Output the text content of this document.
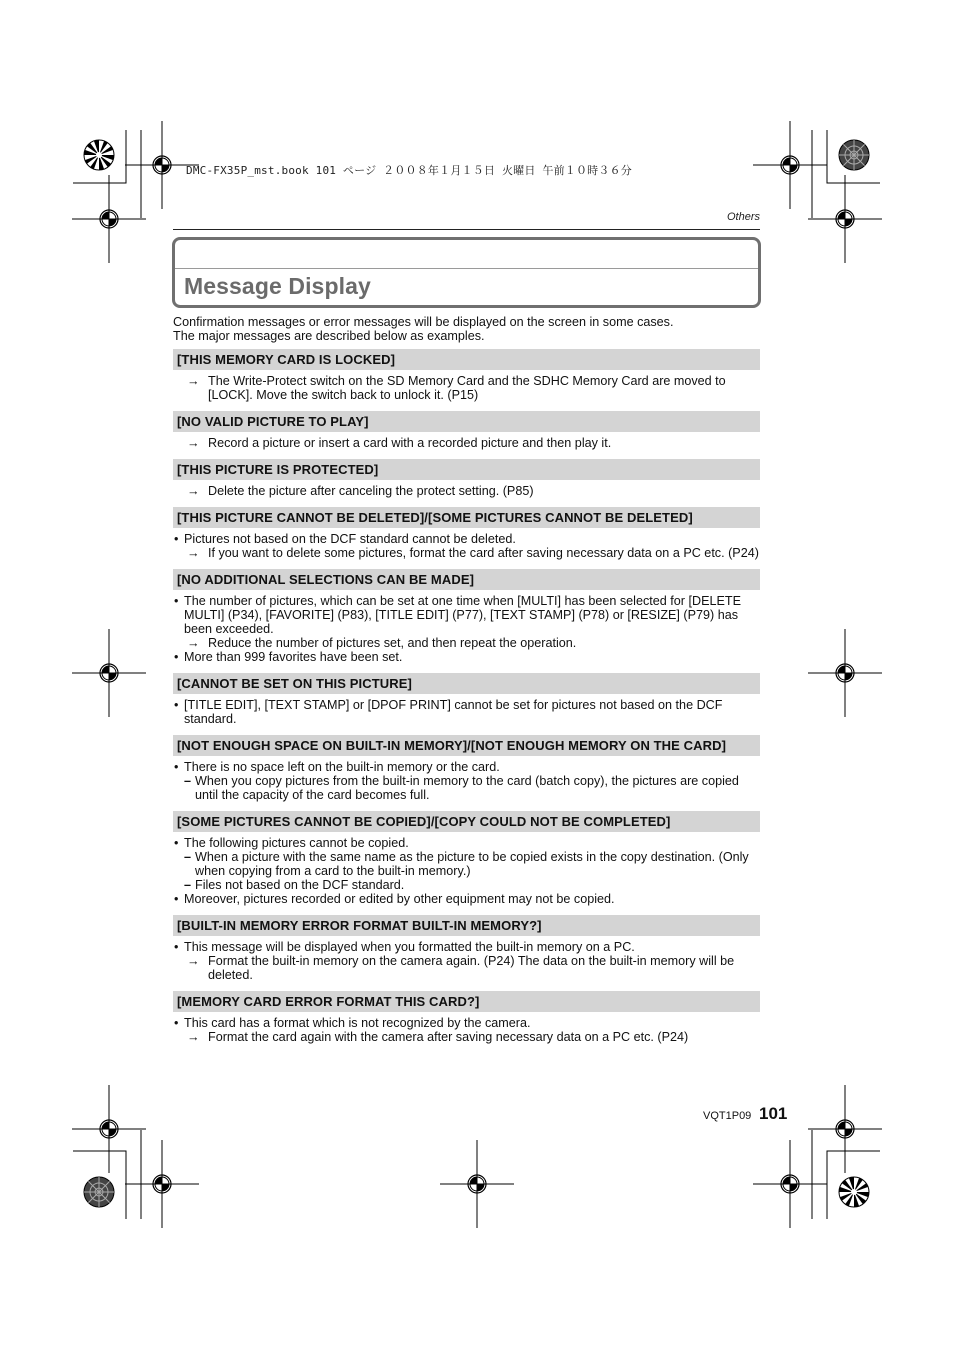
DMC-FX35P_mst.book 101 ページ ２００８年１月１５日 火曜日 午前１０時３６分
Others
Message Display

Confirmation messages or error messages will be displayed on the screen in some cases.

The major messages are described below as examples.

[THIS MEMORY CARD IS LOCKED]
→ The Write-Protect switch on the SD Memory Card and the SDHC Memory Card are moved to [LOCK]. Move the switch back to unlock it. (P15)
[NO VALID PICTURE TO PLAY]
→ Record a picture or insert a card with a recorded picture and then play it.
[THIS PICTURE IS PROTECTED]
→ Delete the picture after canceling the protect setting. (P85)
[THIS PICTURE CANNOT BE DELETED]/[SOME PICTURES CANNOT BE DELETED]
• Pictures not based on the DCF standard cannot be deleted.
→ If you want to delete some pictures, format the card after saving necessary data on a PC etc. (P24)
[NO ADDITIONAL SELECTIONS CAN BE MADE]
• The number of pictures, which can be set at one time when [MULTI] has been selected for [DELETE MULTI] (P34), [FAVORITE] (P83), [TITLE EDIT] (P77), [TEXT STAMP] (P78) or [RESIZE] (P79) has been exceeded.
→ Reduce the number of pictures set, and then repeat the operation.
• More than 999 favorites have been set.
[CANNOT BE SET ON THIS PICTURE]
• [TITLE EDIT], [TEXT STAMP] or [DPOF PRINT] cannot be set for pictures not based on the DCF standard.
[NOT ENOUGH SPACE ON BUILT-IN MEMORY]/[NOT ENOUGH MEMORY ON THE CARD]
• There is no space left on the built-in memory or the card.
– When you copy pictures from the built-in memory to the card (batch copy), the pictures are copied until the capacity of the card becomes full.
[SOME PICTURES CANNOT BE COPIED]/[COPY COULD NOT BE COMPLETED]
• The following pictures cannot be copied.
– When a picture with the same name as the picture to be copied exists in the copy destination. (Only when copying from a card to the built-in memory.)
– Files not based on the DCF standard.
• Moreover, pictures recorded or edited by other equipment may not be copied.
[BUILT-IN MEMORY ERROR FORMAT BUILT-IN MEMORY?]
• This message will be displayed when you formatted the built-in memory on a PC.
→ Format the built-in memory on the camera again. (P24) The data on the built-in memory will be deleted.
[MEMORY CARD ERROR FORMAT THIS CARD?]
• This card has a format which is not recognized by the camera.
→ Format the card again with the camera after saving necessary data on a PC etc. (P24)
VQT1P09 101
